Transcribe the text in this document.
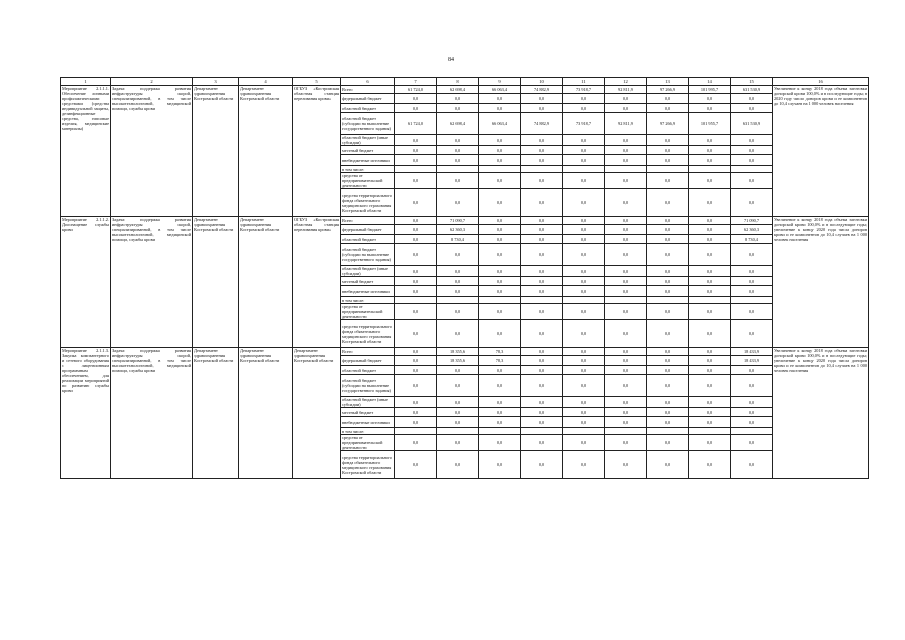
84
1	2	3	4	5	6	7	8	9	10	11	12	13	14	15	16
Мероприятие 2.1.1.1. Обеспечение личными профилактическими средствами (средства индивидуальной защиты, дезинфекционные средства, гипсовые изделия, медицинские материалы)	Задача: поддержка развития инфраструктуры скорой, специализированной, в том числе высокотехнологичной, медицинской помощи, службы крови	Департамент здравоохранения Костромской области	Департамент здравоохранения Костромской области	ОГБУЗ «Костромская областная станция переливания крови»	Всего	61 724,0	62 698,4	66 063,4	74 882,9	73 918,7	92 811,9	97 266,9	101 995,7	631 530,9	Увеличение к концу 2018 года объема заготовки донорской крови 100,0% и в последующие годы; в 2020 году число доноров крови и ее компонентов до 10,4 случаев на 1 000 человек населения
					федеральный бюджет	0,0	0,0	0,0	0,0	0,0	0,0	0,0	0,0	0,0	
					областной бюджет	0,0	0,0	0,0	0,0	0,0	0,0	0,0	0,0	0,0	
					областной бюджет (субсидии на выполнение государственного задания)	61 724,0	62 698,4	66 063,4	74 882,9	73 918,7	92 811,9	97 266,9	101 955,7	631 530,9	
					областной бюджет (иные субсидии)	0,0	0,0	0,0	0,0	0,0	0,0	0,0	0,0	0,0	
					местный бюджет	0,0	0,0	0,0	0,0	0,0	0,0	0,0	0,0	0,0	
					внебюджетные источники	0,0	0,0	0,0	0,0	0,0	0,0	0,0	0,0	0,0	
					в том числе:										
					средства от предпринимательской деятельности	0,0	0,0	0,0	0,0	0,0	0,0	0,0	0,0	0,0	
					средства территориального фонда обязательного медицинского страхования Костромской области	0,0	0,0	0,0	0,0	0,0	0,0	0,0	0,0	0,0	
Мероприятие 2.1.1.2. Дооснащение службы крови	Задача: поддержка развития инфраструктуры скорой, специализированной, в том числе высокотехнологичной, медицинской помощи, службы крови	Департамент здравоохранения Костромской области	Департамент здравоохранения Костромской области	ОГБУЗ «Костромская областная станция переливания крови»	Всего	0,0	71 090,7	0,0	0,0	0,0	0,0	0,0	0,0	71 090,7	Увеличение к концу 2018 года объема заготовки донорской крови 100,0% и в последующие годы; увеличение к концу 2020 года числа доноров крови и ее компонентов до 10,4 случаев на 1 000 человек населения
					федеральный бюджет	0,0	62 360,3	0,0	0,0	0,0	0,0	0,0	0,0	62 360,3	
					областной бюджет	0,0	8 730,4	0,0	0,0	0,0	0,0	0,0	0,0	8 730,4	
					областной бюджет (субсидии на выполнение государственного задания)	0,0	0,0	0,0	0,0	0,0	0,0	0,0	0,0	0,0	
					областной бюджет (иные субсидии)	0,0	0,0	0,0	0,0	0,0	0,0	0,0	0,0	0,0	
					местный бюджет	0,0	0,0	0,0	0,0	0,0	0,0	0,0	0,0	0,0	
					внебюджетные источники	0,0	0,0	0,0	0,0	0,0	0,0	0,0	0,0	0,0	
					в том числе:										
					средства от предпринимательской деятельности	0,0	0,0	0,0	0,0	0,0	0,0	0,0	0,0	0,0	
					средства территориального фонда обязательного медицинского страхования Костромской области	0,0	0,0	0,0	0,0	0,0	0,0	0,0	0,0	0,0	
Мероприятие 2.1.1.3. Закупка компьютерного и сетевого оборудования с лицензионным программным обеспечением, для реализации мероприятий по развитию службы крови	Задача: поддержка развития инфраструктуры скорой, специализированной, в том числе высокотехнологичной, медицинской помощи, службы крови	Департамент здравоохранения Костромской области	Департамент здравоохранения Костромской области	Департамент здравоохранения Костромской области	Всего	0,0	18 355,6	78,3	0,0	0,0	0,0	0,0	0,0	18 433,9	Увеличение к концу 2018 года объема заготовки донорской крови 100,0% и в последующие годы; увеличение к концу 2020 года числа доноров крови и ее компонентов до 10,4 случаев на 1 000 человек населения
					федеральный бюджет	0,0	18 355,6	78,3	0,0	0,0	0,0	0,0	0,0	18 433,9	
					областной бюджет	0,0	0,0	0,0	0,0	0,0	0,0	0,0	0,0	0,0	
					областной бюджет (субсидии на выполнение государственного задания)	0,0	0,0	0,0	0,0	0,0	0,0	0,0	0,0	0,0	
					областной бюджет (иные субсидии)	0,0	0,0	0,0	0,0	0,0	0,0	0,0	0,0	0,0	
					местный бюджет	0,0	0,0	0,0	0,0	0,0	0,0	0,0	0,0	0,0	
					внебюджетные источники	0,0	0,0	0,0	0,0	0,0	0,0	0,0	0,0	0,0	
					в том числе:										
					средства от предпринимательской деятельности	0,0	0,0	0,0	0,0	0,0	0,0	0,0	0,0	0,0	
					средства территориального фонда обязательного медицинского страхования Костромской области	0,0	0,0	0,0	0,0	0,0	0,0	0,0	0,0	0,0	
